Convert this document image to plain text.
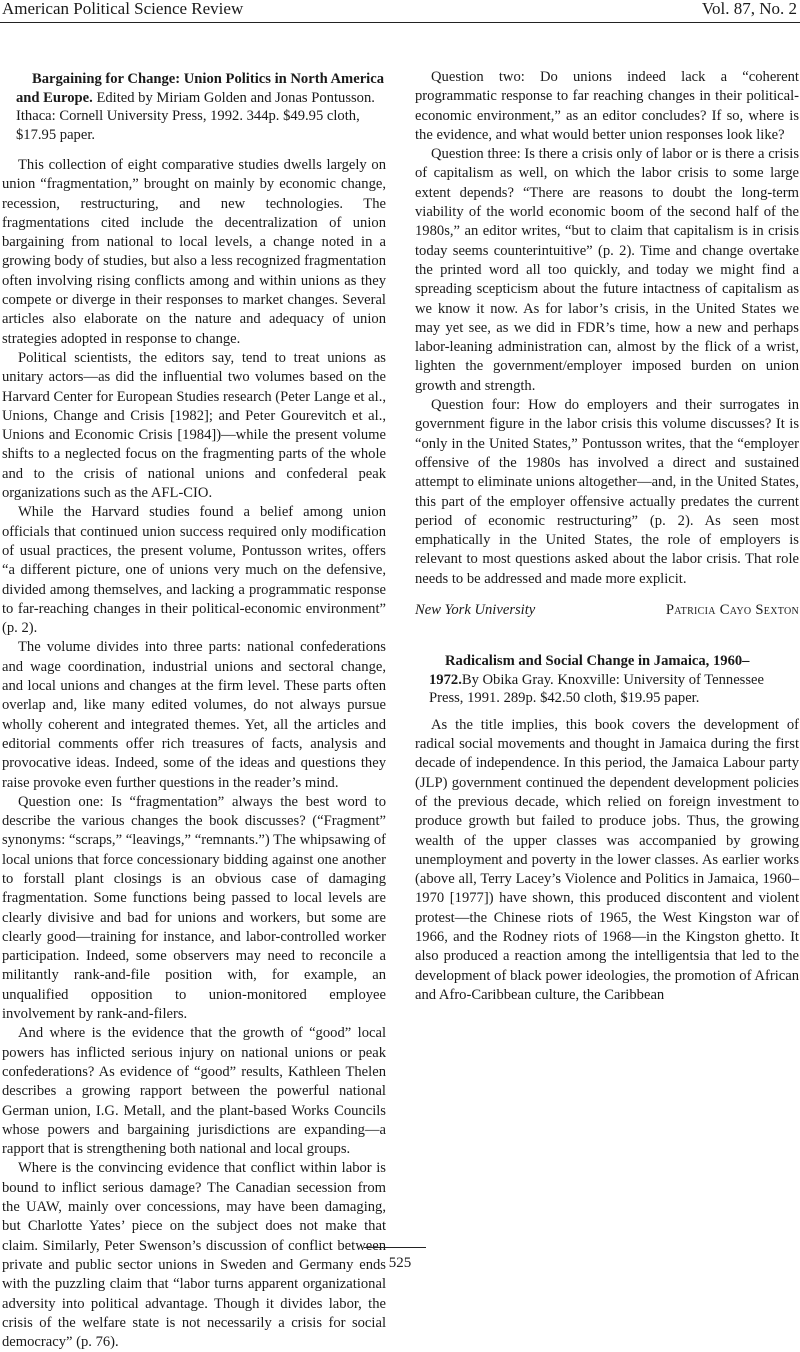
American Political Science Review	Vol. 87, No. 2

Bargaining for Change: Union Politics in North America and Europe. Edited by Miriam Golden and Jonas Pontusson. Ithaca: Cornell University Press, 1992. 344p. $49.95 cloth, $17.95 paper.

This collection of eight comparative studies dwells largely on union “fragmentation,” brought on mainly by economic change, recession, restructuring, and new technologies. The fragmentations cited include the decentralization of union bargaining from national to local levels, a change noted in a growing body of studies, but also a less recognized fragmentation often involving rising conflicts among and within unions as they compete or diverge in their responses to market changes. Several articles also elaborate on the nature and adequacy of union strategies adopted in response to change.

Political scientists, the editors say, tend to treat unions as unitary actors—as did the influential two volumes based on the Harvard Center for European Studies research (Peter Lange et al., Unions, Change and Crisis [1982]; and Peter Gourevitch et al., Unions and Economic Crisis [1984])—while the present volume shifts to a neglected focus on the fragmenting parts of the whole and to the crisis of national unions and confederal peak organizations such as the AFL-CIO.

While the Harvard studies found a belief among union officials that continued union success required only modification of usual practices, the present volume, Pontusson writes, offers “a different picture, one of unions very much on the defensive, divided among themselves, and lacking a programmatic response to far-reaching changes in their political-economic environment” (p. 2).

The volume divides into three parts: national confederations and wage coordination, industrial unions and sectoral change, and local unions and changes at the firm level. These parts often overlap and, like many edited volumes, do not always pursue wholly coherent and integrated themes. Yet, all the articles and editorial comments offer rich treasures of facts, analysis and provocative ideas. Indeed, some of the ideas and questions they raise provoke even further questions in the reader’s mind.

Question one: Is “fragmentation” always the best word to describe the various changes the book discusses? (“Fragment” synonyms: “scraps,” “leavings,” “remnants.”) The whipsawing of local unions that force concessionary bidding against one another to forstall plant closings is an obvious case of damaging fragmentation. Some functions being passed to local levels are clearly divisive and bad for unions and workers, but some are clearly good—training for instance, and labor-controlled worker participation. Indeed, some observers may need to reconcile a militantly rank-and-file position with, for example, an unqualified opposition to union-monitored employee involvement by rank-and-filers.

And where is the evidence that the growth of “good” local powers has inflicted serious injury on national unions or peak confederations? As evidence of “good” results, Kathleen Thelen describes a growing rapport between the powerful national German union, I.G. Metall, and the plant-based Works Councils whose powers and bargaining jurisdictions are expanding—a rapport that is strengthening both national and local groups.

Where is the convincing evidence that conflict within labor is bound to inflict serious damage? The Canadian secession from the UAW, mainly over concessions, may have been damaging, but Charlotte Yates’ piece on the subject does not make that claim. Similarly, Peter Swenson’s discussion of conflict between private and public sector unions in Sweden and Germany ends with the puzzling claim that “labor turns apparent organizational adversity into political advantage. Though it divides labor, the crisis of the welfare state is not necessarily a crisis for social democracy” (p. 76).

Question two: Do unions indeed lack a “coherent programmatic response to far reaching changes in their political-economic environment,” as an editor concludes? If so, where is the evidence, and what would better union responses look like?

Question three: Is there a crisis only of labor or is there a crisis of capitalism as well, on which the labor crisis to some large extent depends? “There are reasons to doubt the long-term viability of the world economic boom of the second half of the 1980s,” an editor writes, “but to claim that capitalism is in crisis today seems counterintuitive” (p. 2). Time and change overtake the printed word all too quickly, and today we might find a spreading scepticism about the future intactness of capitalism as we know it now. As for labor’s crisis, in the United States we may yet see, as we did in FDR’s time, how a new and perhaps labor-leaning administration can, almost by the flick of a wrist, lighten the government/employer imposed burden on union growth and strength.

Question four: How do employers and their surrogates in government figure in the labor crisis this volume discusses? It is “only in the United States,” Pontusson writes, that the “employer offensive of the 1980s has involved a direct and sustained attempt to eliminate unions altogether—and, in the United States, this part of the employer offensive actually predates the current period of economic restructuring” (p. 2). As seen most emphatically in the United States, the role of employers is relevant to most questions asked about the labor crisis. That role needs to be addressed and made more explicit.

New York University	Patricia Cayo Sexton

Radicalism and Social Change in Jamaica, 1960–1972.By Obika Gray. Knoxville: University of Tennessee Press, 1991. 289p. $42.50 cloth, $19.95 paper.

As the title implies, this book covers the development of radical social movements and thought in Jamaica during the first decade of independence. In this period, the Jamaica Labour party (JLP) government continued the dependent development policies of the previous decade, which relied on foreign investment to produce growth but failed to produce jobs. Thus, the growing wealth of the upper classes was accompanied by growing unemployment and poverty in the lower classes. As earlier works (above all, Terry Lacey’s Violence and Politics in Jamaica, 1960–1970 [1977]) have shown, this produced discontent and violent protest—the Chinese riots of 1965, the West Kingston war of 1966, and the Rodney riots of 1968—in the Kingston ghetto. It also produced a reaction among the intelligentsia that led to the development of black power ideologies, the promotion of African and Afro-Caribbean culture, the Caribbean

525
